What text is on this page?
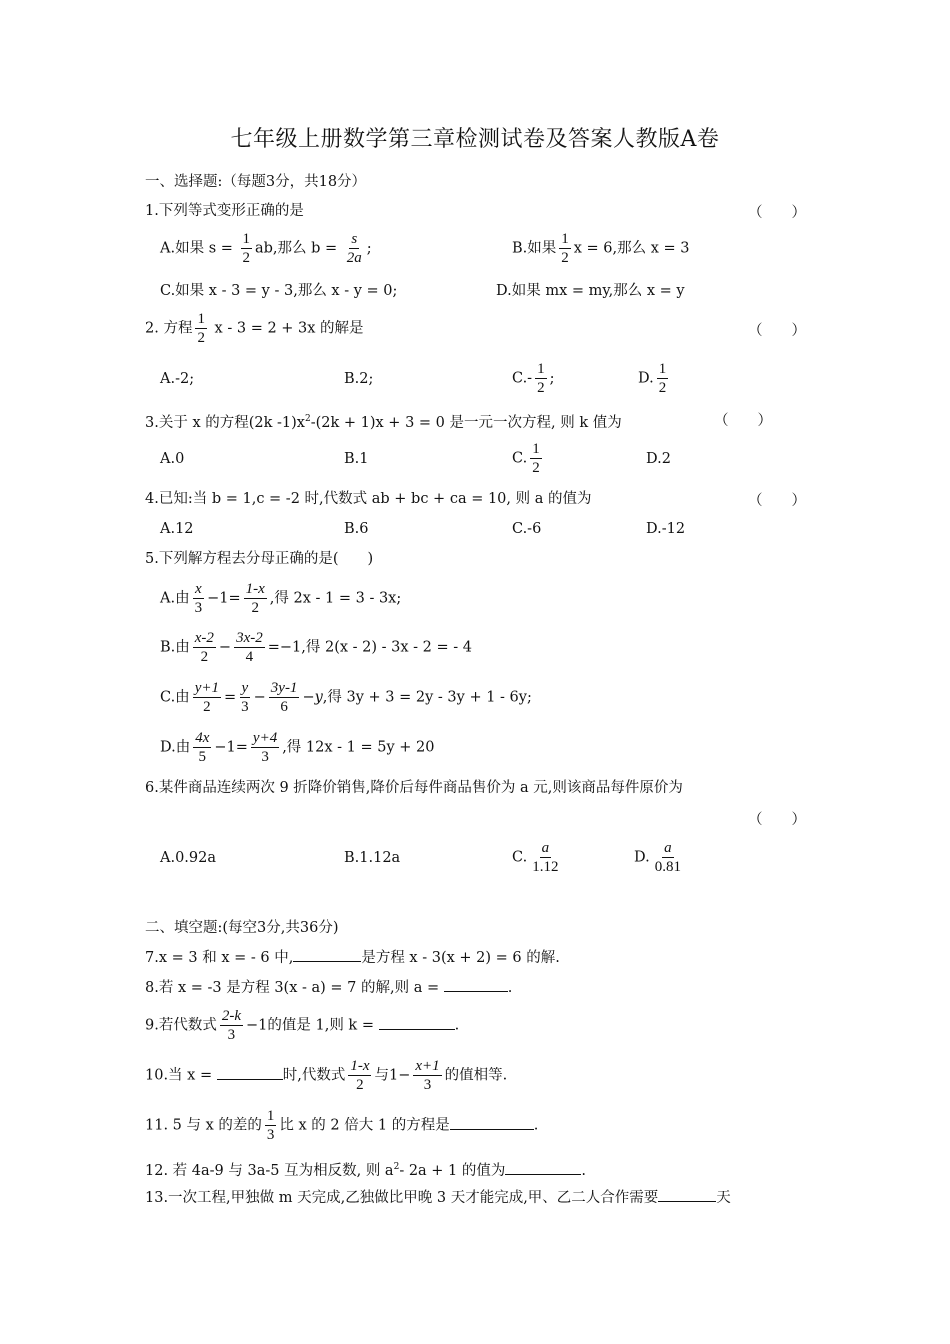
七年级上册数学第三章检测试卷及答案人教版A卷
一、选择题:（每题3分，共18分）
1.下列等式变形正确的是	（　　）
A.如果 $s = \frac{1}{2}$ ab,那么 $b = \frac{s}{2a}$ ;	B.如果 $\frac{1}{2}$ x = 6,那么 x = 3
C.如果 x - 3 = y - 3,那么 x - y = 0;	D.如果 mx = my,那么 x = y
2. 方程 $\frac{1}{2}$ x - 3 = 2 + 3x 的解是	（　　）
A.-2;	B.2;	$C.- \frac{1}{2}$ ;	D. $\frac{1}{2}$
3.关于 x 的方程(2k $-1)x^2-(2k + 1)x + 3 = 0$ 是一元一次方程, 则 k 值为	（　　）
A.0	B.1	C. $\frac{1}{2}$	D.2
4.已知:当 b = 1,c = -2 时,代数式 ab + bc + ca = 10, 则 a 的值为	（　　）
A.12	B.6	C.-6	D.-12
5.下列解方程去分母正确的是(　　)
A.由 $\frac{x}{3} -1= \frac{1-x}{2}$ ,得 2x - 1 = 3 - 3x;
B.由 $\frac{x-2}{2} - \frac{3x-2}{4} =-1$,得 2(x - 2) - 3x - 2 = - 4
C.由 $\frac{y+1}{2} = \frac{y}{3} - \frac{3y-1}{6} -y$,得 3y + 3 = 2y - 3y + 1 - 6y;
D.由 $\frac{4x}{5} -1= \frac{y+4}{3}$ ,得 12x - 1 = 5y + 20
6.某件商品连续两次 9 折降价销售,降价后每件商品售价为 a 元,则该商品每件原价为
（　　）
A.0.92a	B.1.12a	C. $\frac{a}{1.12}$	D. $\frac{a}{0.81}$
二、填空题:(每空3分,共36分)
7.x = 3 和 x = - 6 中,	是方程 x - 3(x + 2) = 6 的解.
8.若 x = -3 是方程 3(x - a) = 7 的解,则 a =	.
9.若代数式 $\frac{2-k}{3} -1$的值是 1,则 k =	.
10.当 x =	时,代数式 $\frac{1-x}{2}$ 与$1- \frac{x+1}{3}$ 的值相等.
11. 5 与 x 的差的 $\frac{1}{3}$ 比 x 的 2 倍大 1 的方程是	.
12. 若 4a-9 与 3a-5 互为相反数, 则 $a^2-$ 2a + 1 的值为	.
13.一次工程,甲独做 m 天完成,乙独做比甲晚 3 天才能完成,甲、乙二人合作需要	天
